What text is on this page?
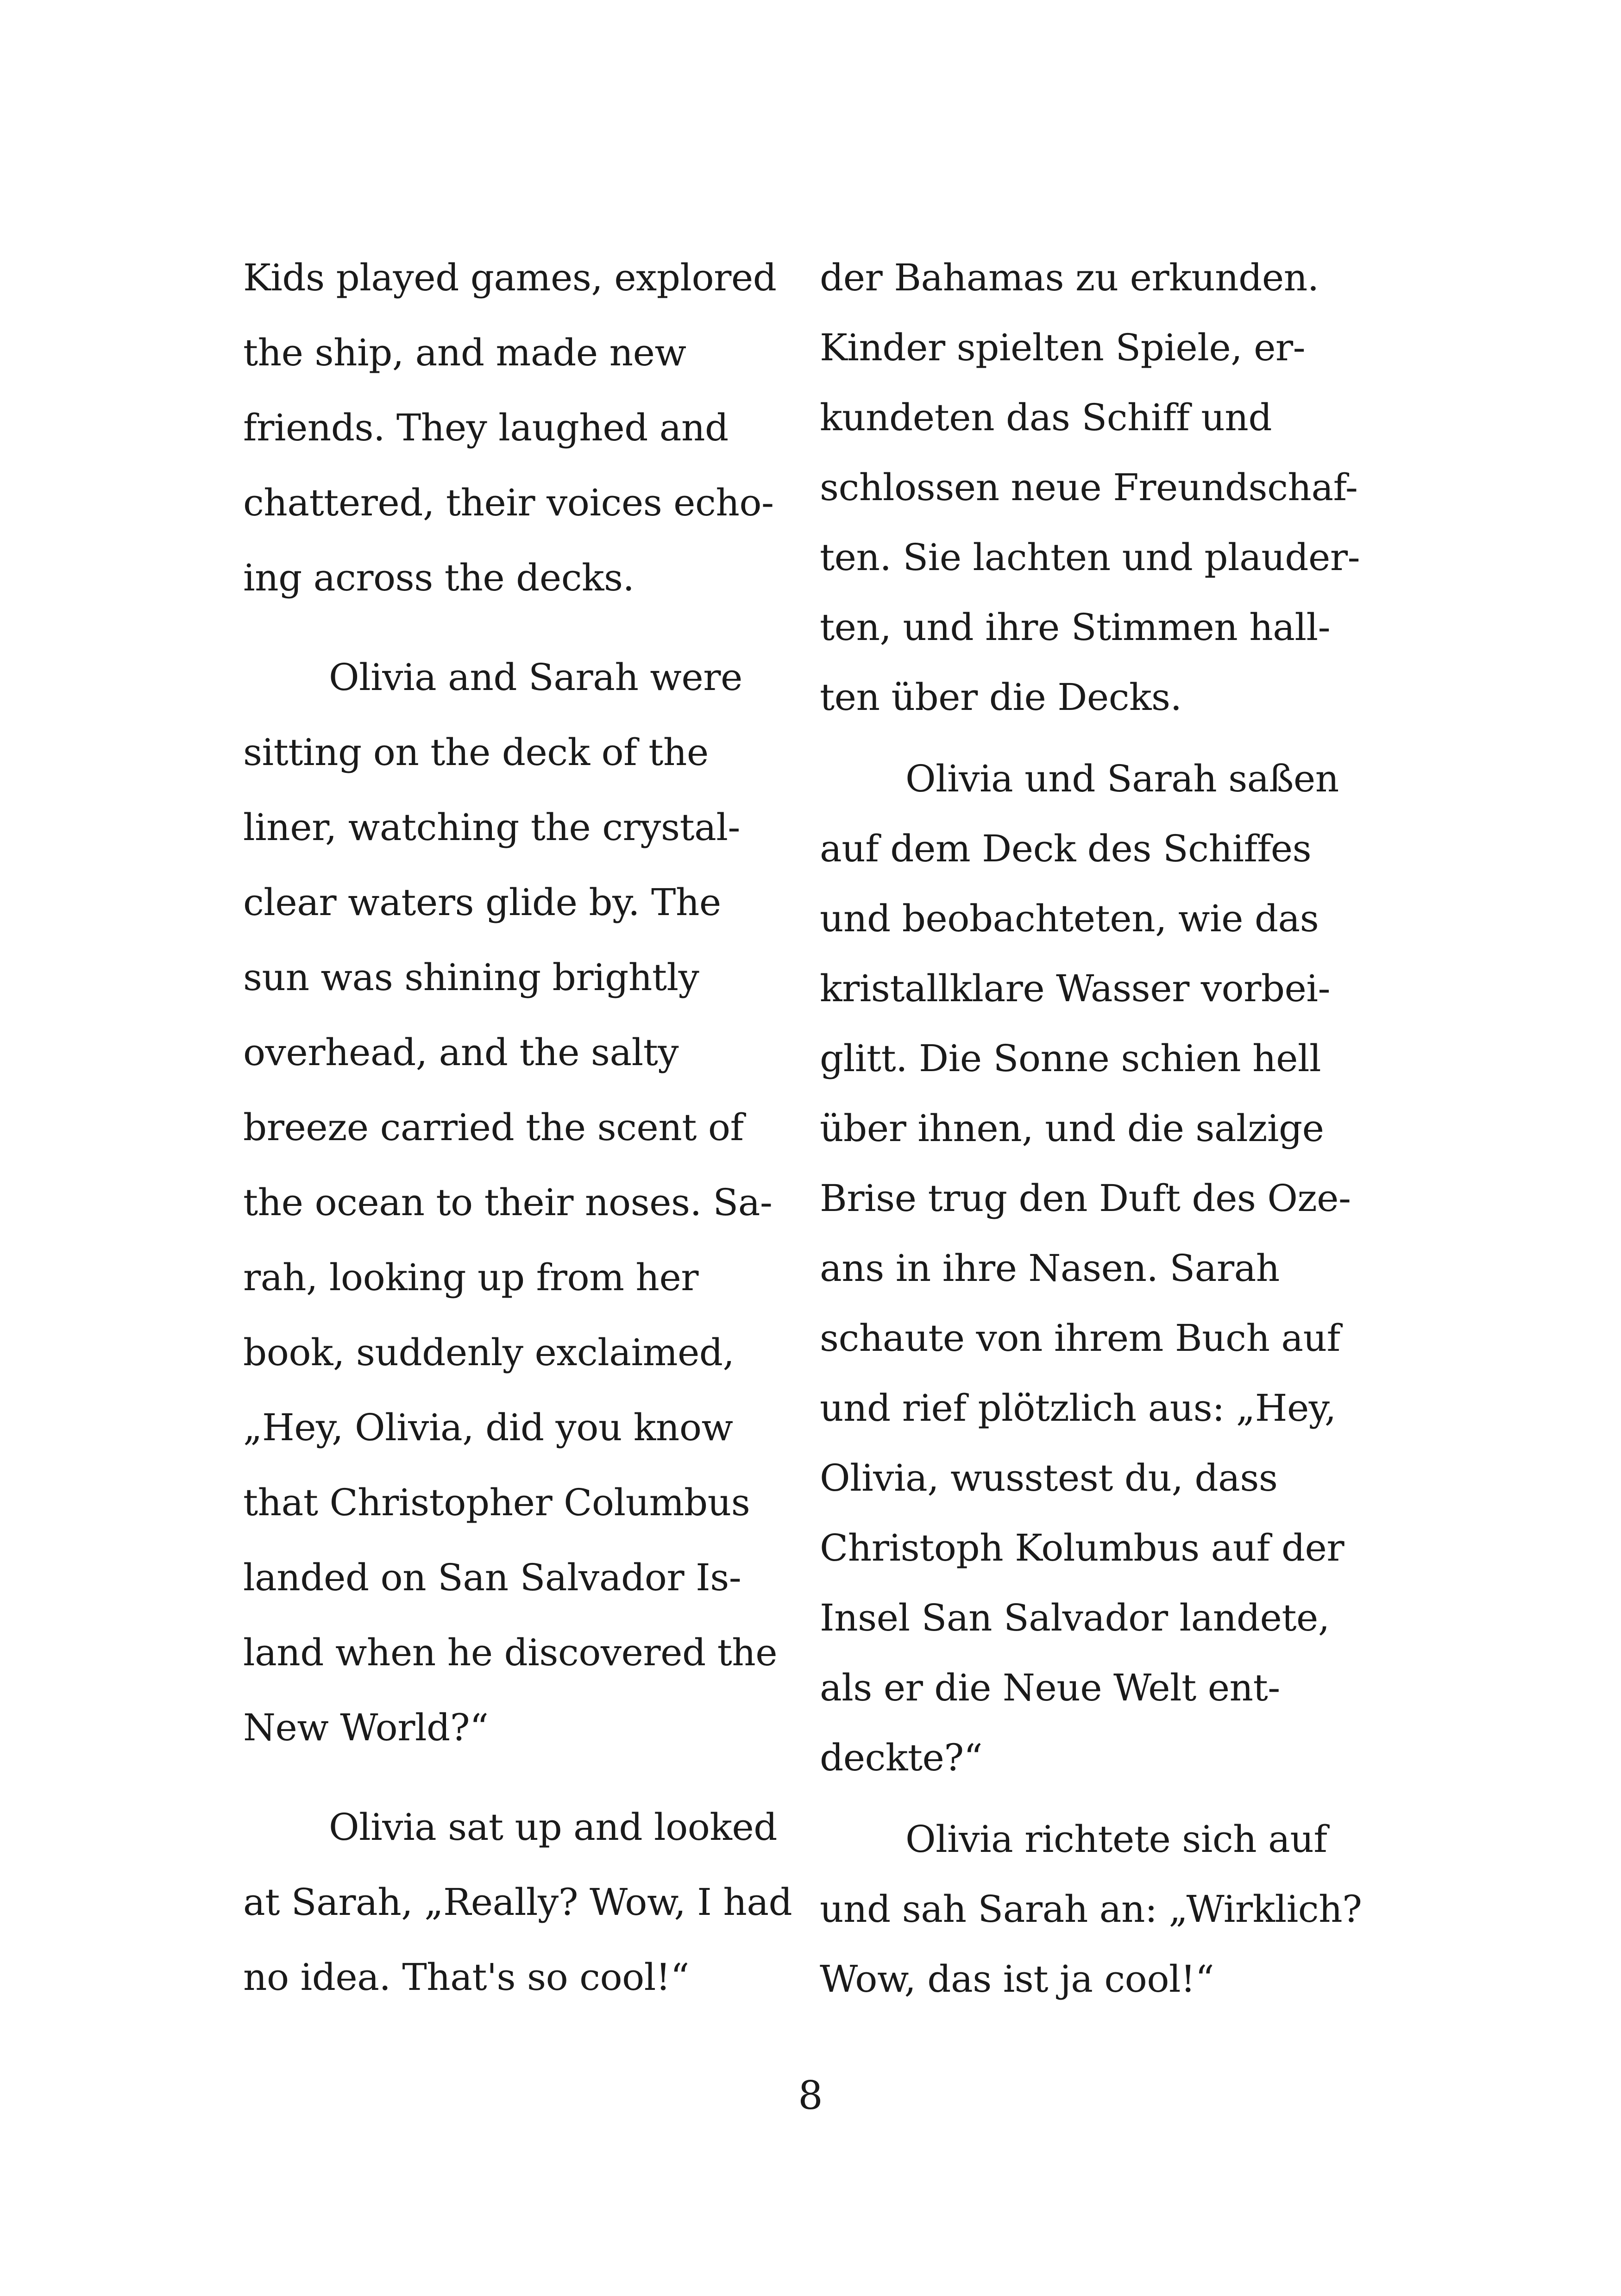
Kids played games, explored
the ship, and made new
friends. They laughed and
chattered, their voices echo-
ing across the decks.
Olivia and Sarah were
sitting on the deck of the
liner, watching the crystal-
clear waters glide by. The
sun was shining brightly
overhead, and the salty
breeze carried the scent of
the ocean to their noses. Sa-
rah, looking up from her
book, suddenly exclaimed,
„Hey, Olivia, did you know
that Christopher Columbus
landed on San Salvador Is-
land when he discovered the
New World?“
Olivia sat up and looked
at Sarah, „Really? Wow, I had
no idea. That's so cool!“
der Bahamas zu erkunden.
Kinder spielten Spiele, er-
kundeten das Schiff und
schlossen neue Freundschaf-
ten. Sie lachten und plauder-
ten, und ihre Stimmen hall-
ten über die Decks.
Olivia und Sarah saßen
auf dem Deck des Schiffes
und beobachteten, wie das
kristallklare Wasser vorbei-
glitt. Die Sonne schien hell
über ihnen, und die salzige
Brise trug den Duft des Oze-
ans in ihre Nasen. Sarah
schaute von ihrem Buch auf
und rief plötzlich aus: „Hey,
Olivia, wusstest du, dass
Christoph Kolumbus auf der
Insel San Salvador landete,
als er die Neue Welt ent-
deckte?“
Olivia richtete sich auf
und sah Sarah an: „Wirklich?
Wow, das ist ja cool!“
8
